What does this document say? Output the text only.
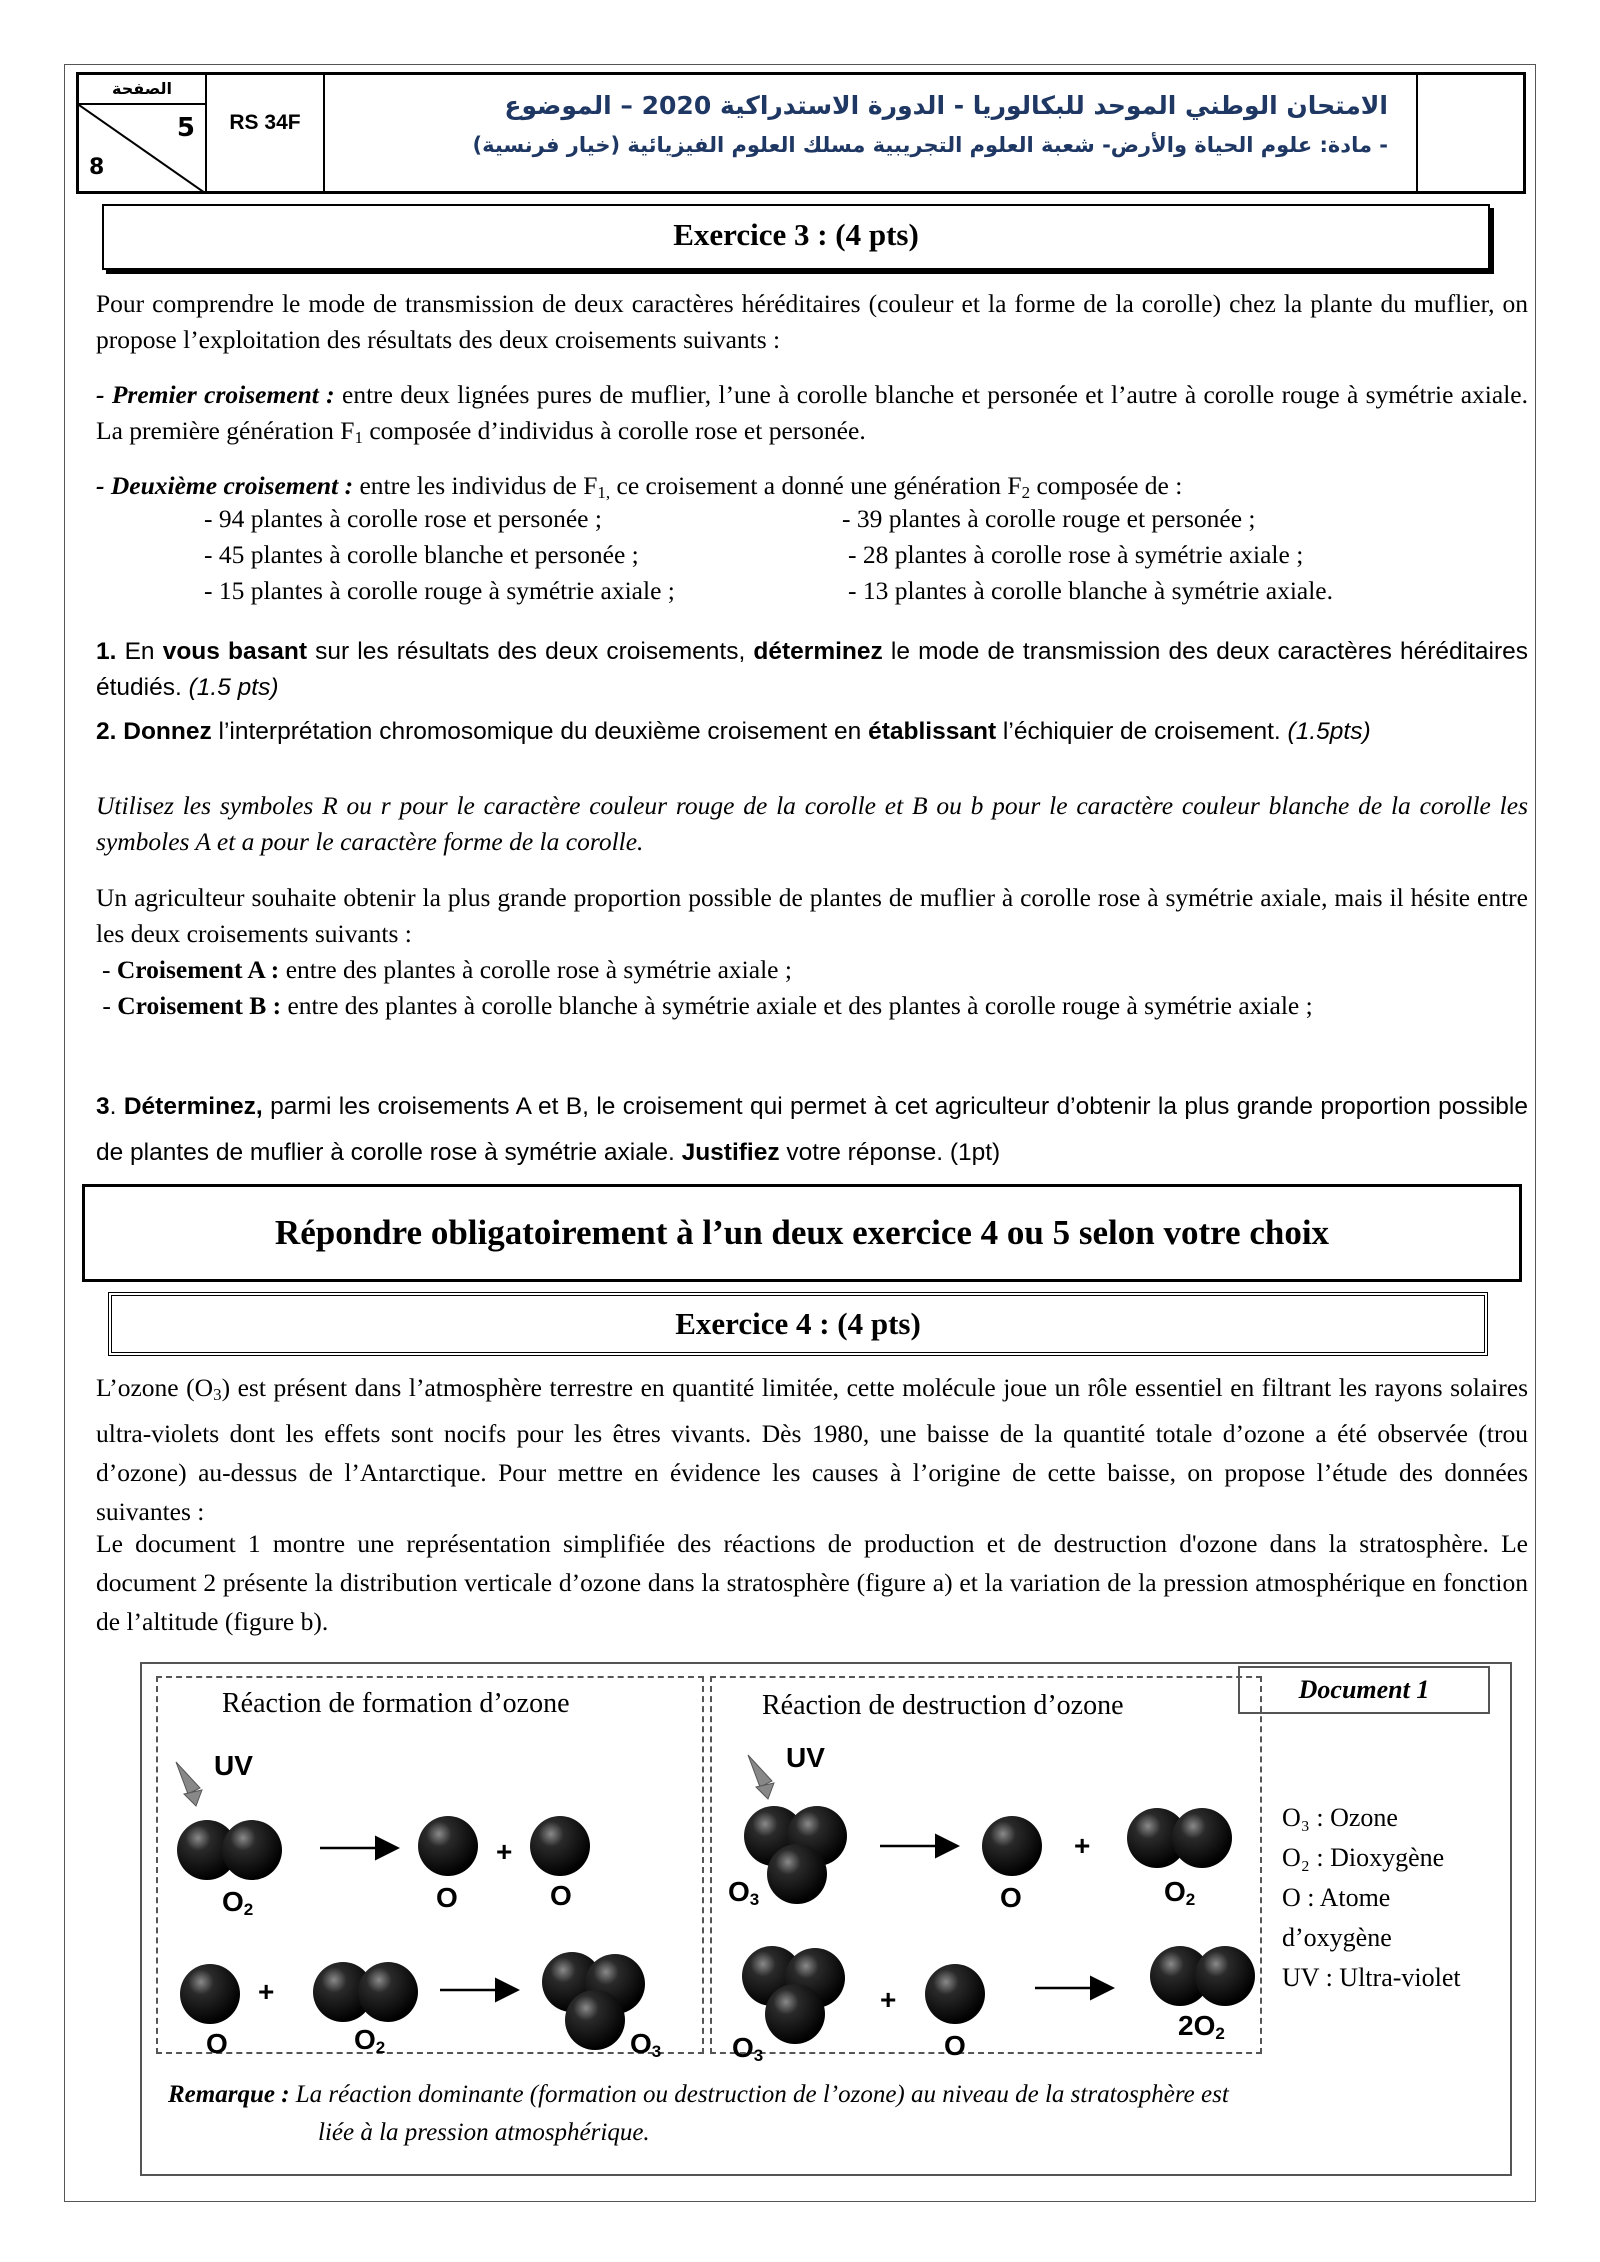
الصفحة
5
8
RS 34F
الامتحان الوطني الموحد للبكالوريا - الدورة الاستدراكية 2020 – الموضوع
- مادة: علوم الحياة والأرض- شعبة العلوم التجريبية مسلك العلوم الفيزيائية (خيار فرنسية)
Exercice 3 : (4 pts)

Pour comprendre le mode de transmission de deux caractères héréditaires (couleur et la forme de la corolle) chez la plante du muflier, on propose l’exploitation des résultats des deux croisements suivants :

- Premier croisement : entre deux lignées pures de muflier, l’une à corolle blanche et personée et l’autre à corolle rouge à symétrie axiale. La première génération $F_1$ composée d’individus à corolle rose et personée.

- Deuxième croisement : entre les individus de $F_{1,}$ ce croisement a donné une génération $F_2$ composée de :

- 94 plantes à corolle rose et personée ;	- 39 plantes à corolle rouge et personée ;
- 45 plantes à corolle blanche et personée ;	- 28 plantes à corolle rose à symétrie axiale ;
- 15 plantes à corolle rouge à symétrie axiale ;	- 13 plantes à corolle blanche à symétrie axiale.

1. En vous basant sur les résultats des deux croisements, déterminez le mode de transmission des deux caractères héréditaires étudiés. (1.5 pts)

2. Donnez l’interprétation chromosomique du deuxième croisement en établissant l’échiquier de croisement. (1.5pts)

Utilisez les symboles R ou r pour le caractère couleur rouge de la corolle et B ou b pour le caractère couleur blanche de la corolle les symboles A et a pour le caractère forme de la corolle.

Un agriculteur souhaite obtenir la plus grande proportion possible de plantes de muflier à corolle rose à symétrie axiale, mais il hésite entre les deux croisements suivants :

- Croisement A : entre des plantes à corolle rose à symétrie axiale ;

- Croisement B : entre des plantes à corolle blanche à symétrie axiale et des plantes à corolle rouge à symétrie axiale ;

3. Déterminez, parmi les croisements A et B, le croisement qui permet à cet agriculteur d’obtenir la plus grande proportion possible de plantes de muflier à corolle rose à symétrie axiale. Justifiez votre réponse. (1pt)

Répondre obligatoirement à l’un deux exercice 4 ou 5 selon votre choix
Exercice 4 : (4 pts)

L’ozone $(O_3)$ est présent dans l’atmosphère terrestre en quantité limitée, cette molécule joue un rôle essentiel en filtrant les rayons solaires ultra-violets dont les effets sont nocifs pour les êtres vivants. Dès 1980, une baisse de la quantité totale d’ozone a été observée (trou d’ozone) au-dessus de l’Antarctique. Pour mettre en évidence les causes à l’origine de cette baisse, on propose l’étude des données suivantes :

Le document 1 montre une représentation simplifiée des réactions de production et de destruction d'ozone dans la stratosphère. Le document 2 présente la distribution verticale d’ozone dans la stratosphère (figure a) et la variation de la pression atmosphérique en fonction de l’altitude (figure b).

Document 1
Réaction de formation d’ozone	Réaction de destruction d’ozone
UV	UV
$O_2$	O	O
+
O
+
$O_2$	$O_3$
$O_3$	O
+
$O_2$
$O_3$
+
O
$2O_2$
O₃ : Ozone
O₂ : Dioxygène
O : Atome d’oxygène
UV : Ultra-violet
Remarque : La réaction dominante (formation ou destruction de l’ozone) au niveau de la stratosphère est
liée à la pression atmosphérique.
